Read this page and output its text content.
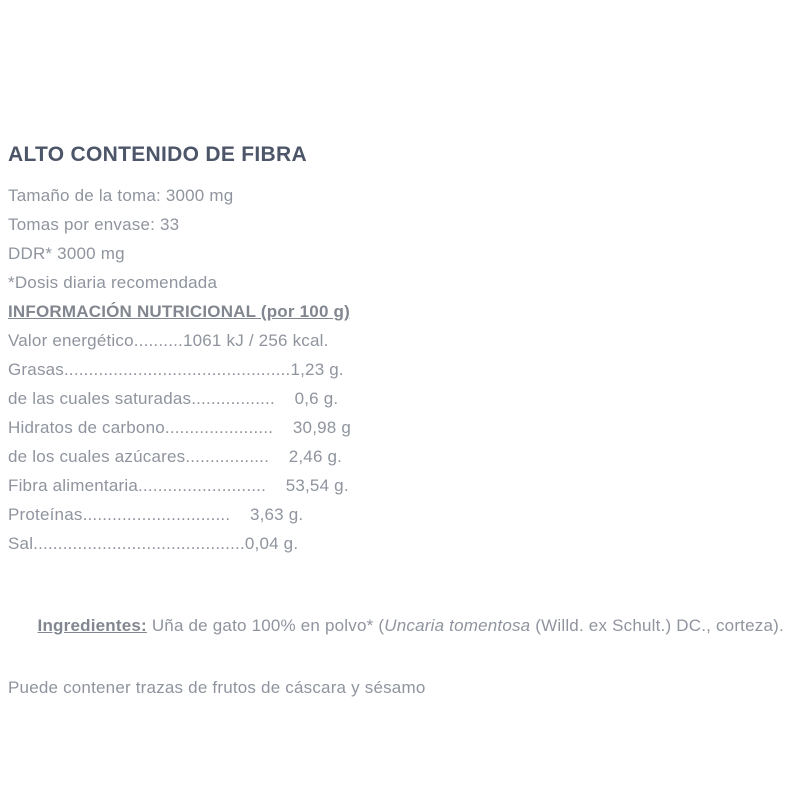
ALTO CONTENIDO DE FIBRA

Tamaño de la toma: 3000 mg

Tomas por envase: 33

DDR* 3000 mg

*Dosis diaria recomendada

INFORMACIÓN NUTRICIONAL (por 100 g)

Valor energético..........1061 kJ / 256 kcal.

Grasas..............................................1,23 g.

de las cuales saturadas.................    0,6 g.

Hidratos de carbono......................    30,98 g

de los cuales azúcares.................    2,46 g.

Fibra alimentaria..........................    53,54 g.

Proteínas..............................    3,63 g.

Sal...........................................0,04 g.

Ingredientes: Uña de gato 100% en polvo* (Uncaria tomentosa (Willd. ex Schult.) DC., corteza).

Puede contener trazas de frutos de cáscara y sésamo
